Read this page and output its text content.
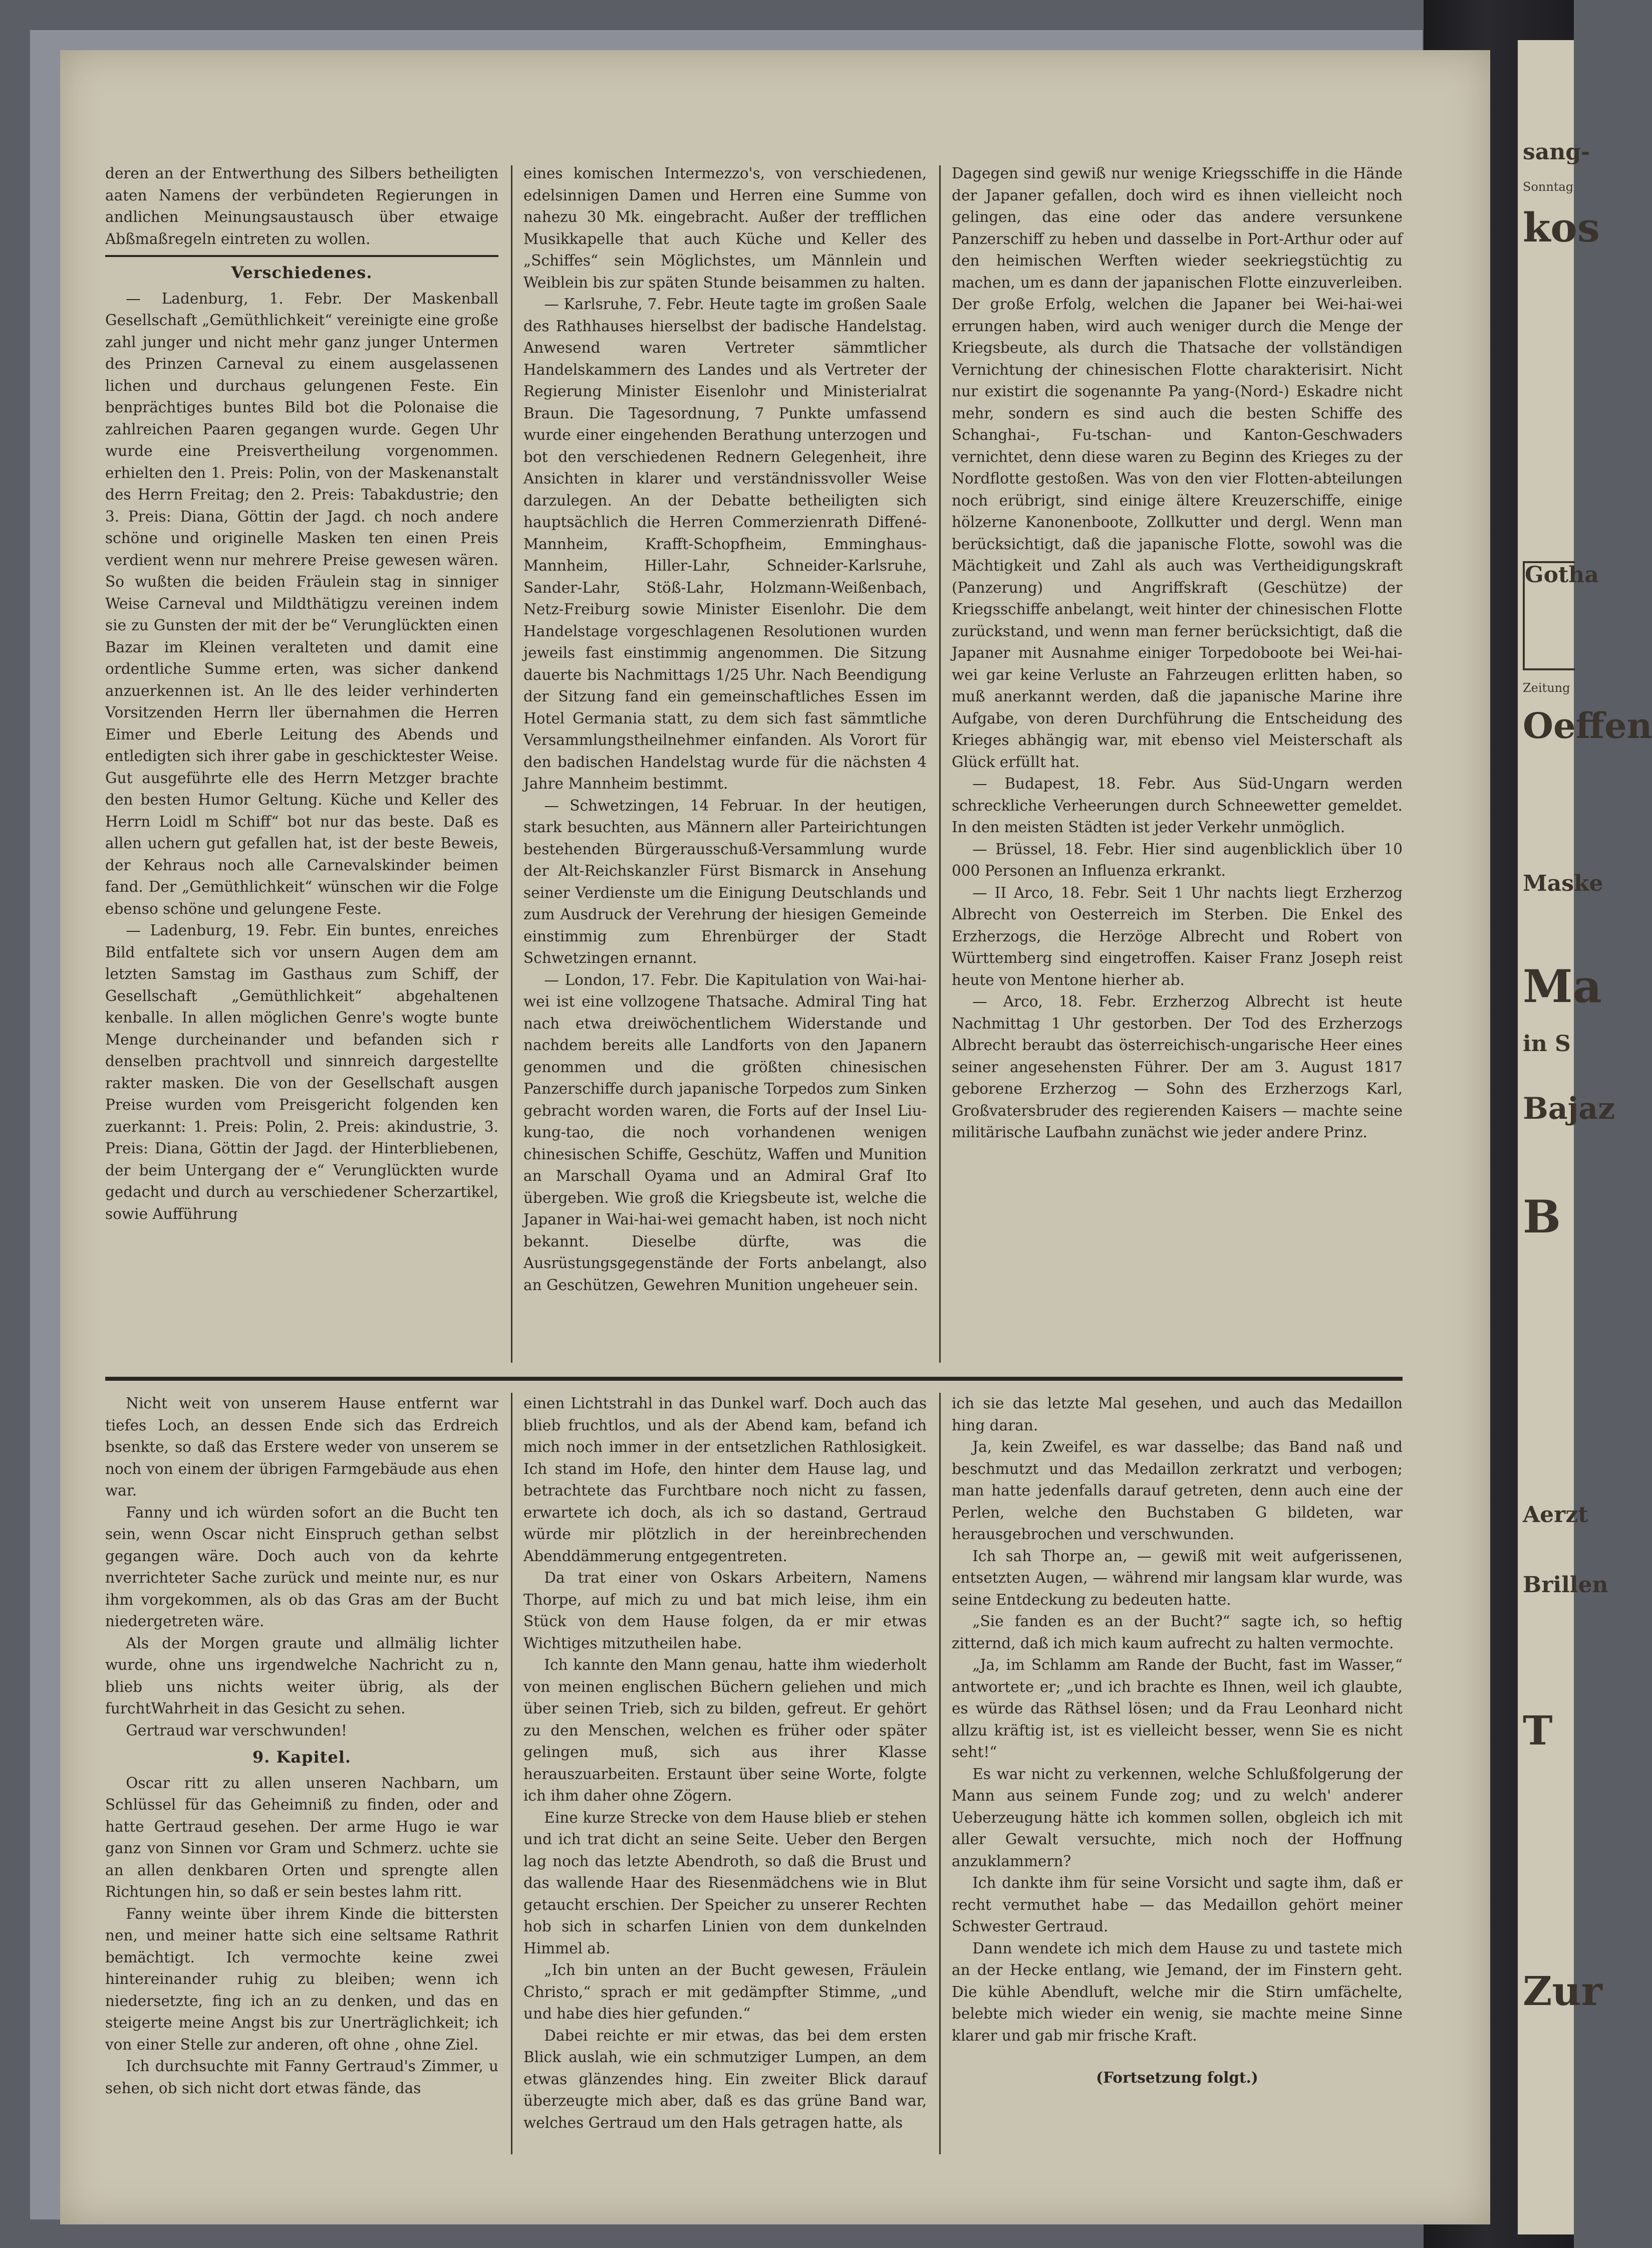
sang-
Sonntag
kos
Gotha
Zeitung
Oeffen
Maske
Ma
in S
Bajaz
B
Aerzt
Brillen
T
Zur

deren an der Entwerthung des Silbers betheiligten aaten Namens der verbündeten Regierungen in andlichen Meinungsaustausch über etwaige Abßmaßregeln eintreten zu wollen.

Verschiedenes.

— Ladenburg, 1. Febr. Der Maskenball Gesellschaft „Gemüthlichkeit“ vereinigte eine große zahl junger und nicht mehr ganz junger Untermen des Prinzen Carneval zu einem ausgelassenen lichen und durchaus gelungenen Feste. Ein benprächtiges buntes Bild bot die Polonaise die zahlreichen Paaren gegangen wurde. Gegen Uhr wurde eine Preisvertheilung vorgenommen. erhielten den 1. Preis: Polin, von der Maskenanstalt des Herrn Freitag; den 2. Preis: Tabakdustrie; den 3. Preis: Diana, Göttin der Jagd. ch noch andere schöne und originelle Masken ten einen Preis verdient wenn nur mehrere Preise gewesen wären. So wußten die beiden Fräulein stag in sinniger Weise Carneval und Mildthätigzu vereinen indem sie zu Gunsten der mit der be“ Verunglückten einen Bazar im Kleinen veralteten und damit eine ordentliche Summe erten, was sicher dankend anzuerkennen ist. An lle des leider verhinderten Vorsitzenden Herrn ller übernahmen die Herren Eimer und Eberle Leitung des Abends und entledigten sich ihrer gabe in geschicktester Weise. Gut ausgeführte elle des Herrn Metzger brachte den besten Humor Geltung. Küche und Keller des Herrn Loidl m Schiff“ bot nur das beste. Daß es allen uchern gut gefallen hat, ist der beste Beweis, der Kehraus noch alle Carnevalskinder beimen fand. Der „Gemüthlichkeit“ wünschen wir die Folge ebenso schöne und gelungene Feste.

— Ladenburg, 19. Febr. Ein buntes, enreiches Bild entfaltete sich vor unsern Augen dem am letzten Samstag im Gasthaus zum Schiff, der Gesellschaft „Gemüthlichkeit“ abgehaltenen kenballe. In allen möglichen Genre's wogte bunte Menge durcheinander und befanden sich r denselben prachtvoll und sinnreich dargestellte rakter masken. Die von der Gesellschaft ausgen Preise wurden vom Preisgericht folgenden ken zuerkannt: 1. Preis: Polin, 2. Preis: akindustrie, 3. Preis: Diana, Göttin der Jagd. der Hinterbliebenen, der beim Untergang der e“ Verunglückten wurde gedacht und durch au verschiedener Scherzartikel, sowie Aufführung

eines komischen Intermezzo's, von verschiedenen, edelsinnigen Damen und Herren eine Summe von nahezu 30 Mk. eingebracht. Außer der trefflichen Musikkapelle that auch Küche und Keller des „Schiffes“ sein Möglichstes, um Männlein und Weiblein bis zur späten Stunde beisammen zu halten.

— Karlsruhe, 7. Febr. Heute tagte im großen Saale des Rathhauses hierselbst der badische Handelstag. Anwesend waren Vertreter sämmtlicher Handelskammern des Landes und als Vertreter der Regierung Minister Eisenlohr und Ministerialrat Braun. Die Tagesordnung, 7 Punkte umfassend wurde einer eingehenden Berathung unterzogen und bot den verschiedenen Rednern Gelegenheit, ihre Ansichten in klarer und verständnissvoller Weise darzulegen. An der Debatte betheiligten sich hauptsächlich die Herren Commerzienrath Diffené-Mannheim, Krafft-Schopfheim, Emminghaus-Mannheim, Hiller-Lahr, Schneider-Karlsruhe, Sander-Lahr, Stöß-Lahr, Holzmann-Weißenbach, Netz-Freiburg sowie Minister Eisenlohr. Die dem Handelstage vorgeschlagenen Resolutionen wurden jeweils fast einstimmig angenommen. Die Sitzung dauerte bis Nachmittags 1/25 Uhr. Nach Beendigung der Sitzung fand ein gemeinschaftliches Essen im Hotel Germania statt, zu dem sich fast sämmtliche Versammlungstheilnehmer einfanden. Als Vorort für den badischen Handelstag wurde für die nächsten 4 Jahre Mannheim bestimmt.

— Schwetzingen, 14 Februar. In der heutigen, stark besuchten, aus Männern aller Parteirichtungen bestehenden Bürgerausschuß-Versammlung wurde der Alt-Reichskanzler Fürst Bismarck in Ansehung seiner Verdienste um die Einigung Deutschlands und zum Ausdruck der Verehrung der hiesigen Gemeinde einstimmig zum Ehrenbürger der Stadt Schwetzingen ernannt.

— London, 17. Febr. Die Kapitulation von Wai-hai-wei ist eine vollzogene Thatsache. Admiral Ting hat nach etwa dreiwöchentlichem Widerstande und nachdem bereits alle Landforts von den Japanern genommen und die größten chinesischen Panzerschiffe durch japanische Torpedos zum Sinken gebracht worden waren, die Forts auf der Insel Liu-kung-tao, die noch vorhandenen wenigen chinesischen Schiffe, Geschütz, Waffen und Munition an Marschall Oyama und an Admiral Graf Ito übergeben. Wie groß die Kriegsbeute ist, welche die Japaner in Wai-hai-wei gemacht haben, ist noch nicht bekannt. Dieselbe dürfte, was die Ausrüstungsgegenstände der Forts anbelangt, also an Geschützen, Gewehren Munition ungeheuer sein.

Dagegen sind gewiß nur wenige Kriegsschiffe in die Hände der Japaner gefallen, doch wird es ihnen vielleicht noch gelingen, das eine oder das andere versunkene Panzerschiff zu heben und dasselbe in Port-Arthur oder auf den heimischen Werften wieder seekriegstüchtig zu machen, um es dann der japanischen Flotte einzuverleiben. Der große Erfolg, welchen die Japaner bei Wei-hai-wei errungen haben, wird auch weniger durch die Menge der Kriegsbeute, als durch die Thatsache der vollständigen Vernichtung der chinesischen Flotte charakterisirt. Nicht nur existirt die sogenannte Pa yang-(Nord-) Eskadre nicht mehr, sondern es sind auch die besten Schiffe des Schanghai-, Fu-tschan- und Kanton-Geschwaders vernichtet, denn diese waren zu Beginn des Krieges zu der Nordflotte gestoßen. Was von den vier Flotten-abteilungen noch erübrigt, sind einige ältere Kreuzerschiffe, einige hölzerne Kanonenboote, Zollkutter und dergl. Wenn man berücksichtigt, daß die japanische Flotte, sowohl was die Mächtigkeit und Zahl als auch was Vertheidigungskraft (Panzerung) und Angriffskraft (Geschütze) der Kriegsschiffe anbelangt, weit hinter der chinesischen Flotte zurückstand, und wenn man ferner berücksichtigt, daß die Japaner mit Ausnahme einiger Torpedoboote bei Wei-hai-wei gar keine Verluste an Fahrzeugen erlitten haben, so muß anerkannt werden, daß die japanische Marine ihre Aufgabe, von deren Durchführung die Entscheidung des Krieges abhängig war, mit ebenso viel Meisterschaft als Glück erfüllt hat.

— Budapest, 18. Febr. Aus Süd-Ungarn werden schreckliche Verheerungen durch Schneewetter gemeldet. In den meisten Städten ist jeder Verkehr unmöglich.

— Brüssel, 18. Febr. Hier sind augenblicklich über 10 000 Personen an Influenza erkrankt.

— II Arco, 18. Febr. Seit 1 Uhr nachts liegt Erzherzog Albrecht von Oesterreich im Sterben. Die Enkel des Erzherzogs, die Herzöge Albrecht und Robert von Württemberg sind eingetroffen. Kaiser Franz Joseph reist heute von Mentone hierher ab.

— Arco, 18. Febr. Erzherzog Albrecht ist heute Nachmittag 1 Uhr gestorben. Der Tod des Erzherzogs Albrecht beraubt das österreichisch-ungarische Heer eines seiner angesehensten Führer. Der am 3. August 1817 geborene Erzherzog — Sohn des Erzherzogs Karl, Großvatersbruder des regierenden Kaisers — machte seine militärische Laufbahn zunächst wie jeder andere Prinz.

Nicht weit von unserem Hause entfernt war tiefes Loch, an dessen Ende sich das Erdreich bsenkte, so daß das Erstere weder von unserem se noch von einem der übrigen Farmgebäude aus ehen war.

Fanny und ich würden sofort an die Bucht ten sein, wenn Oscar nicht Einspruch gethan selbst gegangen wäre. Doch auch von da kehrte nverrichteter Sache zurück und meinte nur, es nur ihm vorgekommen, als ob das Gras am der Bucht niedergetreten wäre.

Als der Morgen graute und allmälig lichter wurde, ohne uns irgendwelche Nachricht zu n, blieb uns nichts weiter übrig, als der furchtWahrheit in das Gesicht zu sehen.

Gertraud war verschwunden!

9. Kapitel.

Oscar ritt zu allen unseren Nachbarn, um Schlüssel für das Geheimniß zu finden, oder and hatte Gertraud gesehen. Der arme Hugo ie war ganz von Sinnen vor Gram und Schmerz. uchte sie an allen denkbaren Orten und sprengte allen Richtungen hin, so daß er sein bestes lahm ritt.

Fanny weinte über ihrem Kinde die bittersten nen, und meiner hatte sich eine seltsame Rathrit bemächtigt. Ich vermochte keine zwei hintereinander ruhig zu bleiben; wenn ich niedersetzte, fing ich an zu denken, und das en steigerte meine Angst bis zur Unerträglichkeit; ich von einer Stelle zur anderen, oft ohne , ohne Ziel.

Ich durchsuchte mit Fanny Gertraud's Zimmer, u sehen, ob sich nicht dort etwas fände, das

einen Lichtstrahl in das Dunkel warf. Doch auch das blieb fruchtlos, und als der Abend kam, befand ich mich noch immer in der entsetzlichen Rathlosigkeit. Ich stand im Hofe, den hinter dem Hause lag, und betrachtete das Furchtbare noch nicht zu fassen, erwartete ich doch, als ich so dastand, Gertraud würde mir plötzlich in der hereinbrechenden Abenddämmerung entgegentreten.

Da trat einer von Oskars Arbeitern, Namens Thorpe, auf mich zu und bat mich leise, ihm ein Stück von dem Hause folgen, da er mir etwas Wichtiges mitzutheilen habe.

Ich kannte den Mann genau, hatte ihm wiederholt von meinen englischen Büchern geliehen und mich über seinen Trieb, sich zu bilden, gefreut. Er gehört zu den Menschen, welchen es früher oder später gelingen muß, sich aus ihrer Klasse herauszuarbeiten. Erstaunt über seine Worte, folgte ich ihm daher ohne Zögern.

Eine kurze Strecke von dem Hause blieb er stehen und ich trat dicht an seine Seite. Ueber den Bergen lag noch das letzte Abendroth, so daß die Brust und das wallende Haar des Riesenmädchens wie in Blut getaucht erschien. Der Speicher zu unserer Rechten hob sich in scharfen Linien von dem dunkelnden Himmel ab.

„Ich bin unten an der Bucht gewesen, Fräulein Christo,“ sprach er mit gedämpfter Stimme, „und und habe dies hier gefunden.“

Dabei reichte er mir etwas, das bei dem ersten Blick auslah, wie ein schmutziger Lumpen, an dem etwas glänzendes hing. Ein zweiter Blick darauf überzeugte mich aber, daß es das grüne Band war, welches Gertraud um den Hals getragen hatte, als

ich sie das letzte Mal gesehen, und auch das Medaillon hing daran.

Ja, kein Zweifel, es war dasselbe; das Band naß und beschmutzt und das Medaillon zerkratzt und verbogen; man hatte jedenfalls darauf getreten, denn auch eine der Perlen, welche den Buchstaben G bildeten, war herausgebrochen und verschwunden.

Ich sah Thorpe an, — gewiß mit weit aufgerissenen, entsetzten Augen, — während mir langsam klar wurde, was seine Entdeckung zu bedeuten hatte.

„Sie fanden es an der Bucht?“ sagte ich, so heftig zitternd, daß ich mich kaum aufrecht zu halten vermochte.

„Ja, im Schlamm am Rande der Bucht, fast im Wasser,“ antwortete er; „und ich brachte es Ihnen, weil ich glaubte, es würde das Räthsel lösen; und da Frau Leonhard nicht allzu kräftig ist, ist es vielleicht besser, wenn Sie es nicht seht!“

Es war nicht zu verkennen, welche Schlußfolgerung der Mann aus seinem Funde zog; und zu welch' anderer Ueberzeugung hätte ich kommen sollen, obgleich ich mit aller Gewalt versuchte, mich noch der Hoffnung anzuklammern?

Ich dankte ihm für seine Vorsicht und sagte ihm, daß er recht vermuthet habe — das Medaillon gehört meiner Schwester Gertraud.

Dann wendete ich mich dem Hause zu und tastete mich an der Hecke entlang, wie Jemand, der im Finstern geht. Die kühle Abendluft, welche mir die Stirn umfächelte, belebte mich wieder ein wenig, sie machte meine Sinne klarer und gab mir frische Kraft.

(Fortsetzung folgt.)
